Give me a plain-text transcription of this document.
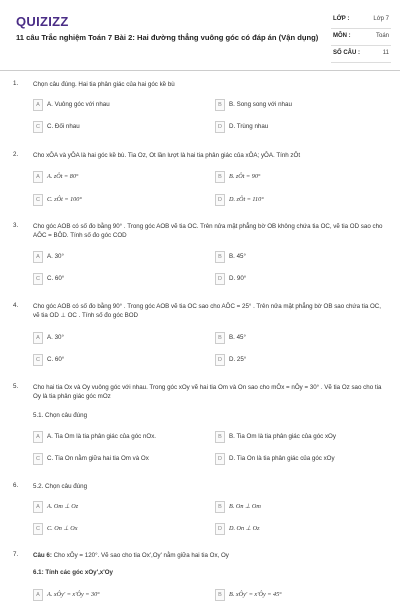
QUIZIZZ
11 câu Trắc nghiệm Toán 7 Bài 2: Hai đường thẳng vuông góc có đáp án (Vận dụng)
LỚP :	Lớp 7
MÔN :	Toán
SỐ CÂU :	11
1. Chọn câu đúng. Hai tia phân giác của hai góc kề bù
A	A. Vuông góc với nhau	B	B. Song song với nhau
C	C. Đối nhau	D	D. Trùng nhau
2. Cho xÔA và yÔA là hai góc kề bù. Tia Oz, Ot lần lượt là hai tia phân giác của xÔA; yÔA. Tính zÔt
A	A. zÔt = 80°	B	B. zÔt = 90°
C	C. zÔt = 100°	D	D. zÔt = 110°
3. Cho góc AOB có số đo bằng 90° . Trong góc AOB vẽ tia OC. Trên nửa mặt phẳng bờ OB không chứa tia OC, vẽ tia OD sao cho AÔC = BÔD. Tính số đo góc COD
A	A. 30°	B	B. 45°
C	C. 60°	D	D. 90°
4. Cho góc AOB có số đo bằng 90° . Trong góc AOB vẽ tia OC sao cho AÔC = 25° . Trên nửa mặt phẳng bờ OB sao chứa tia OC, vẽ tia OD ⊥ OC . Tính số đo góc BOD
A	A. 30°	B	B. 45°
C	C. 60°	D	D. 25°
5. Cho hai tia Ox và Oy vuông góc với nhau. Trong góc xOy vẽ hai tia Om và On sao cho mÔx = nÔy = 30° . Vẽ tia Oz sao cho tia Oy là tia phân giác góc mOz
5.1. Chọn câu đúng
A	A. Tia Om là tia phân giác của góc nOx.	B	B. Tia Om là tia phân giác của góc xOy
C	C. Tia On nằm giữa hai tia Om và Ox	D	D. Tia On là tia phân giác của góc xOy
6. 5.2. Chọn câu đúng
A	A. Om ⊥ Oz	B	B. On ⊥ Om
C	C. On ⊥ Ox	D	D. On ⊥ Oz
7. Câu 6: Cho xÔy = 120°. Vẽ sao cho tia Ox',Oy' nằm giữa hai tia Ox, Oy
6.1: Tính các góc xOy',x'Oy
A	A. xÔy' = x'Ôy = 30°	B	B. xÔy' = x'Ôy = 45°
